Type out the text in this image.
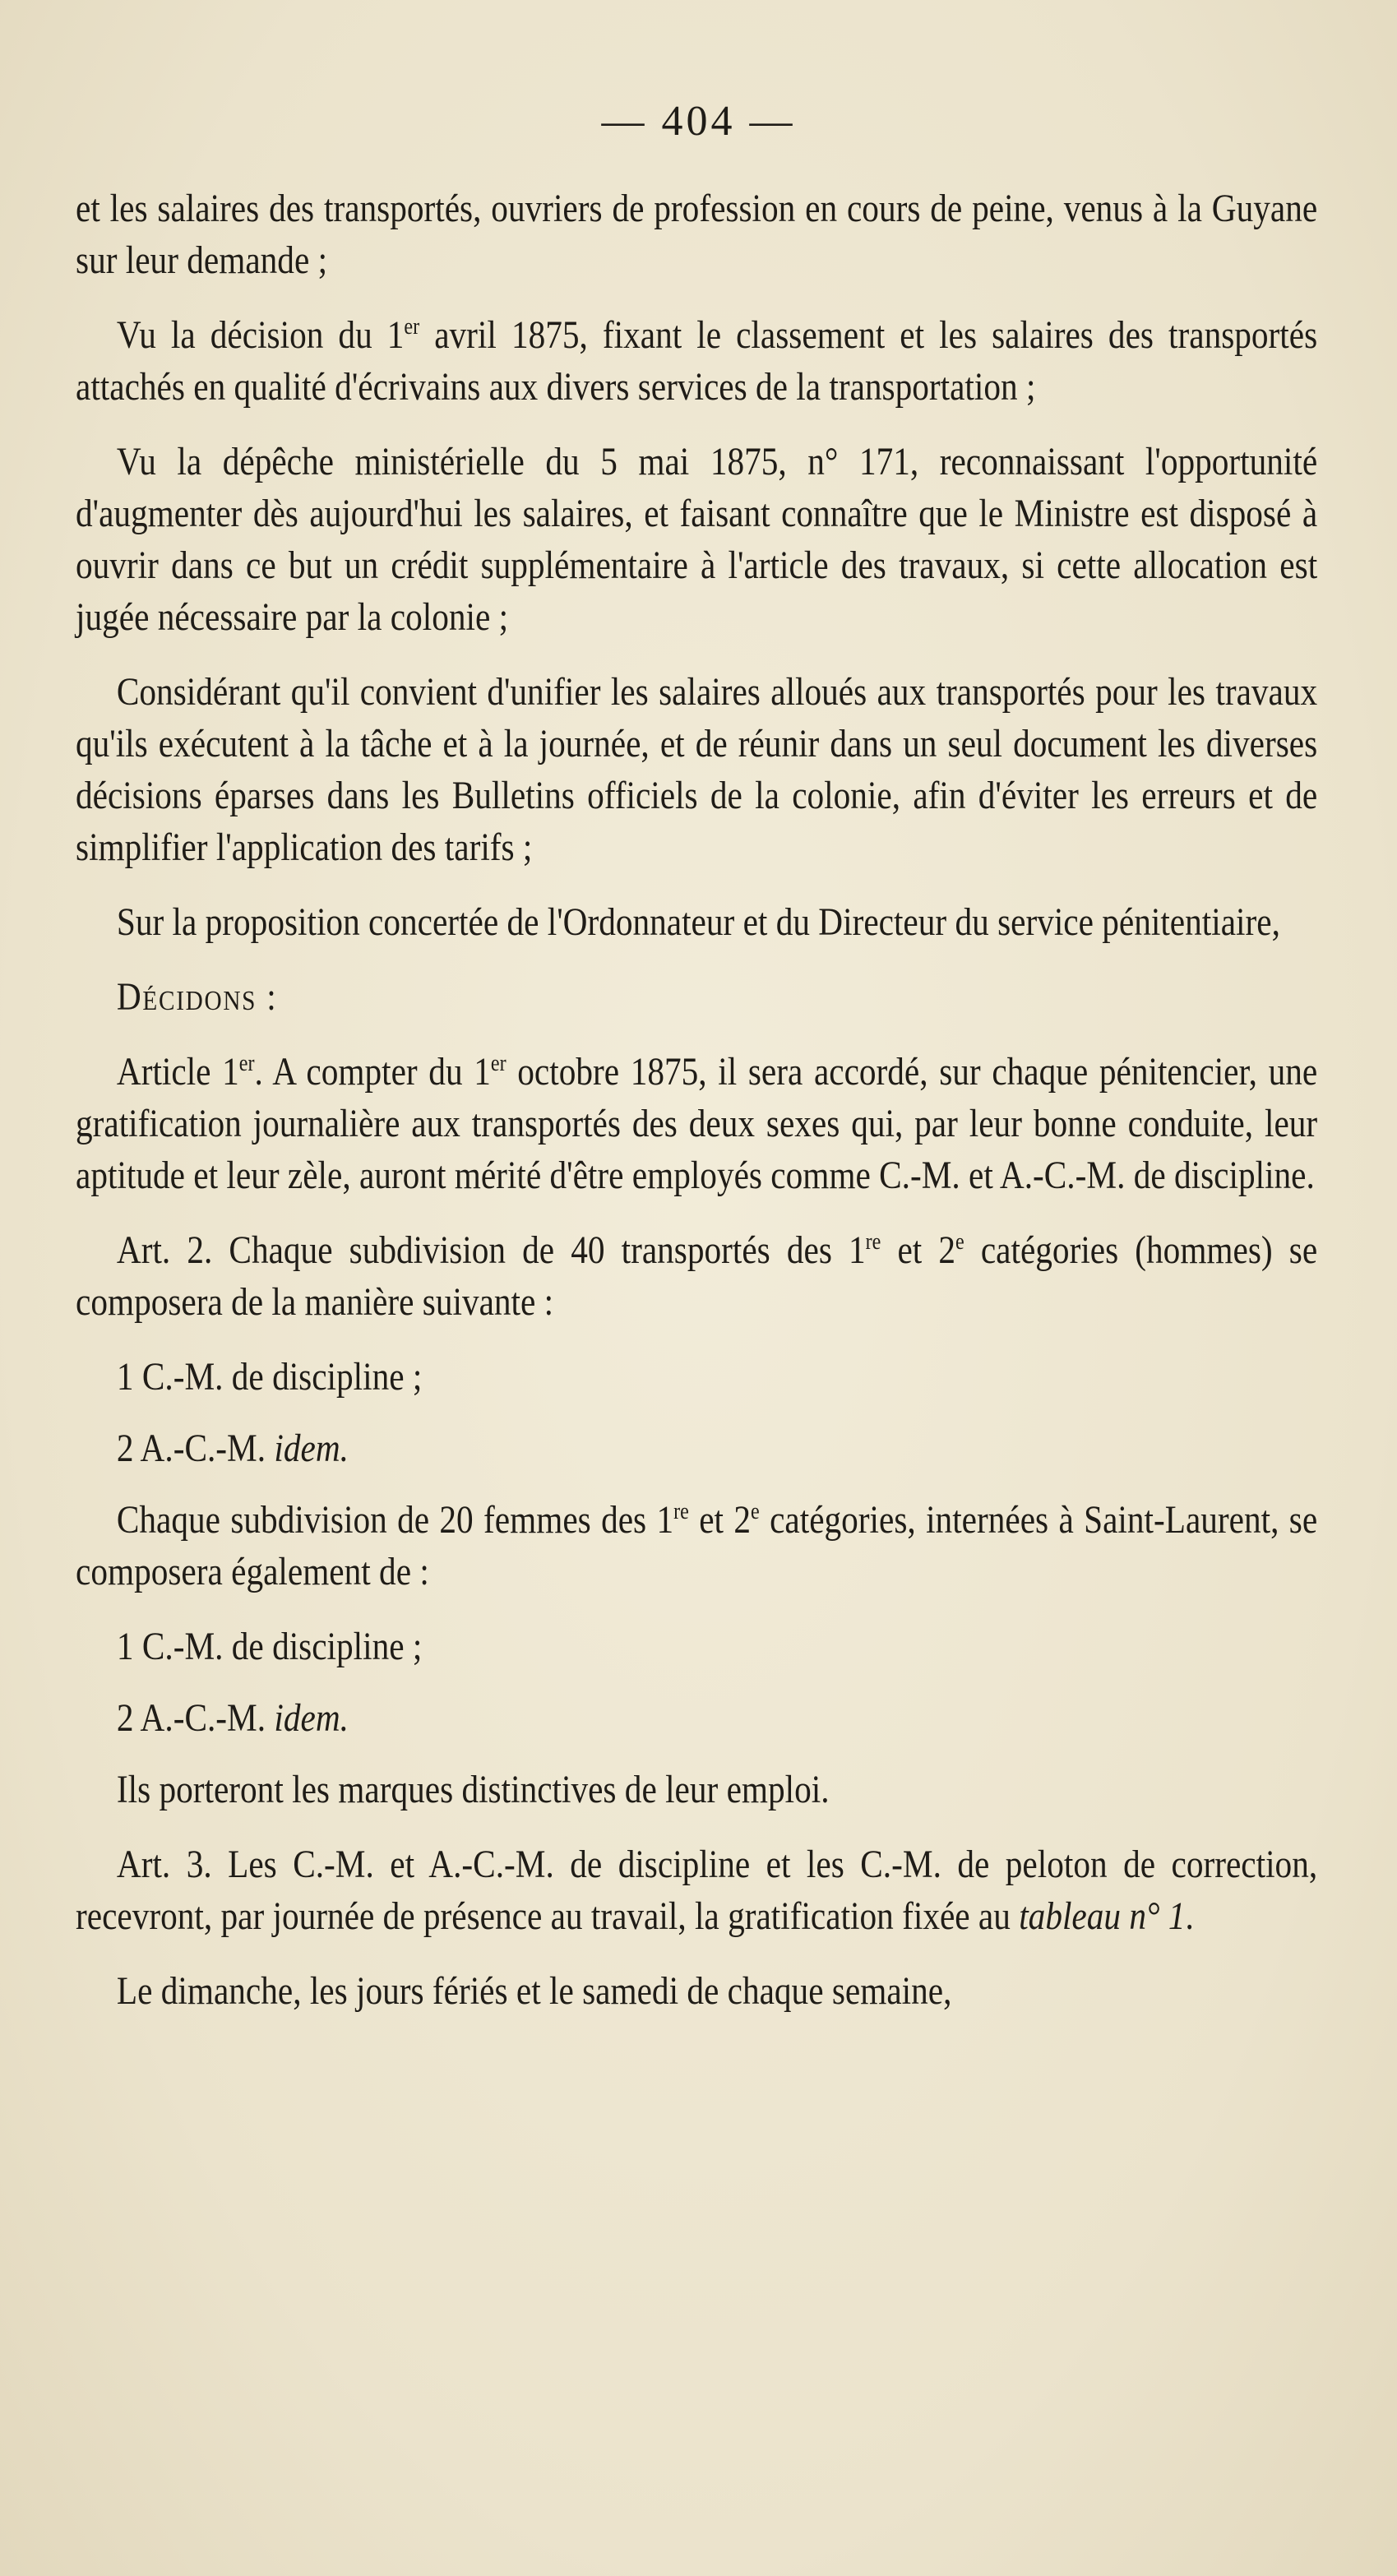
— 404 —

et les salaires des transportés, ouvriers de profession en cours de peine, venus à la Guyane sur leur demande ;

Vu la décision du 1er avril 1875, fixant le classement et les salaires des transportés attachés en qualité d'écrivains aux divers services de la transportation ;

Vu la dépêche ministérielle du 5 mai 1875, n° 171, reconnaissant l'opportunité d'augmenter dès aujourd'hui les salaires, et faisant connaître que le Ministre est disposé à ouvrir dans ce but un crédit supplémentaire à l'article des travaux, si cette allocation est jugée nécessaire par la colonie ;

Considérant qu'il convient d'unifier les salaires alloués aux transportés pour les travaux qu'ils exécutent à la tâche et à la journée, et de réunir dans un seul document les diverses décisions éparses dans les Bulletins officiels de la colonie, afin d'éviter les erreurs et de simplifier l'application des tarifs ;

Sur la proposition concertée de l'Ordonnateur et du Directeur du service pénitentiaire,

Décidons :

Article 1er. A compter du 1er octobre 1875, il sera accordé, sur chaque pénitencier, une gratification journalière aux transportés des deux sexes qui, par leur bonne conduite, leur aptitude et leur zèle, auront mérité d'être employés comme C.-M. et A.-C.-M. de discipline.

Art. 2. Chaque subdivision de 40 transportés des 1re et 2e catégories (hommes) se composera de la manière suivante :

1 C.-M. de discipline ;

2 A.-C.-M. idem.

Chaque subdivision de 20 femmes des 1re et 2e catégories, internées à Saint-Laurent, se composera également de :

1 C.-M. de discipline ;

2 A.-C.-M. idem.

Ils porteront les marques distinctives de leur emploi.

Art. 3. Les C.-M. et A.-C.-M. de discipline et les C.-M. de peloton de correction, recevront, par journée de présence au travail, la gratification fixée au tableau n° 1.

Le dimanche, les jours fériés et le samedi de chaque semaine,
